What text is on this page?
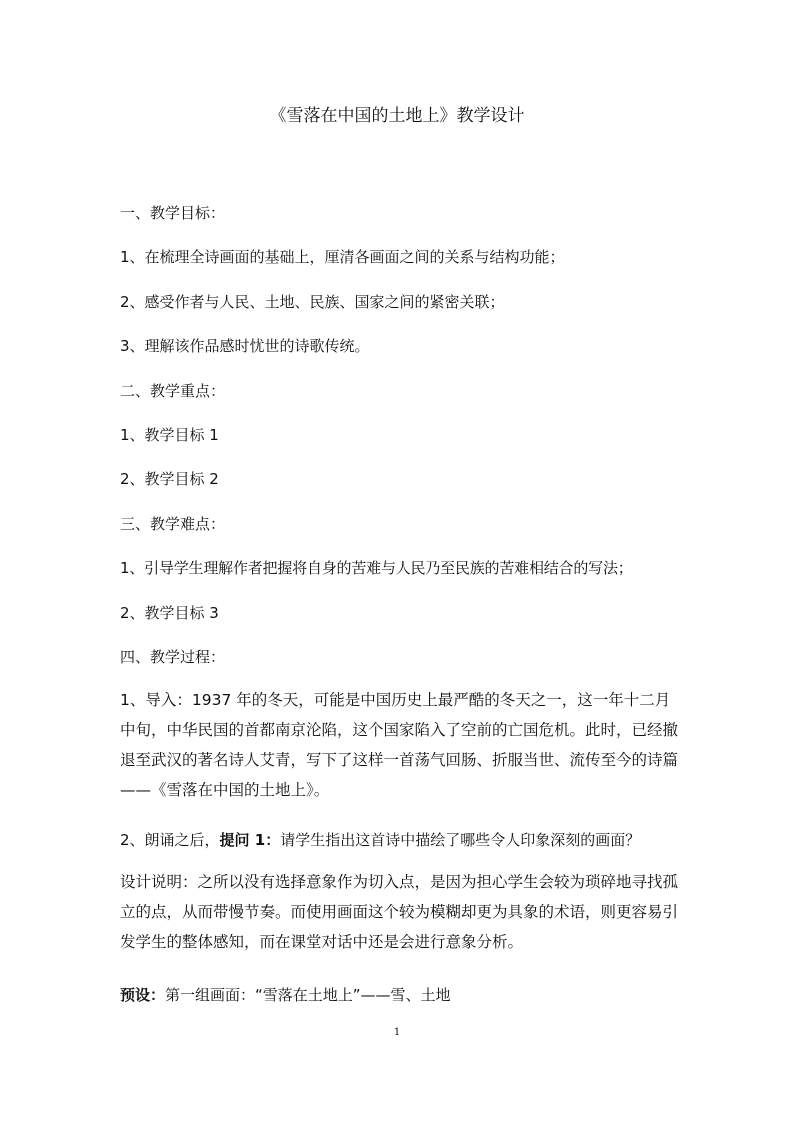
《雪落在中国的土地上》教学设计
一、教学目标：
1、在梳理全诗画面的基础上，厘清各画面之间的关系与结构功能；
2、感受作者与人民、土地、民族、国家之间的紧密关联；
3、理解该作品感时忧世的诗歌传统。
二、教学重点：
1、教学目标 1
2、教学目标 2
三、教学难点：
1、引导学生理解作者把握将自身的苦难与人民乃至民族的苦难相结合的写法；
2、教学目标 3
四、教学过程：
1、导入：1937 年的冬天，可能是中国历史上最严酷的冬天之一，这一年十二月中旬，中华民国的首都南京沦陷，这个国家陷入了空前的亡国危机。此时，已经撤退至武汉的著名诗人艾青，写下了这样一首荡气回肠、折服当世、流传至今的诗篇——《雪落在中国的土地上》。
2、朗诵之后，提问 1：请学生指出这首诗中描绘了哪些令人印象深刻的画面？
设计说明：之所以没有选择意象作为切入点，是因为担心学生会较为琐碎地寻找孤立的点，从而带慢节奏。而使用画面这个较为模糊却更为具象的术语，则更容易引发学生的整体感知，而在课堂对话中还是会进行意象分析。
预设：第一组画面：“雪落在土地上”——雪、土地
1
